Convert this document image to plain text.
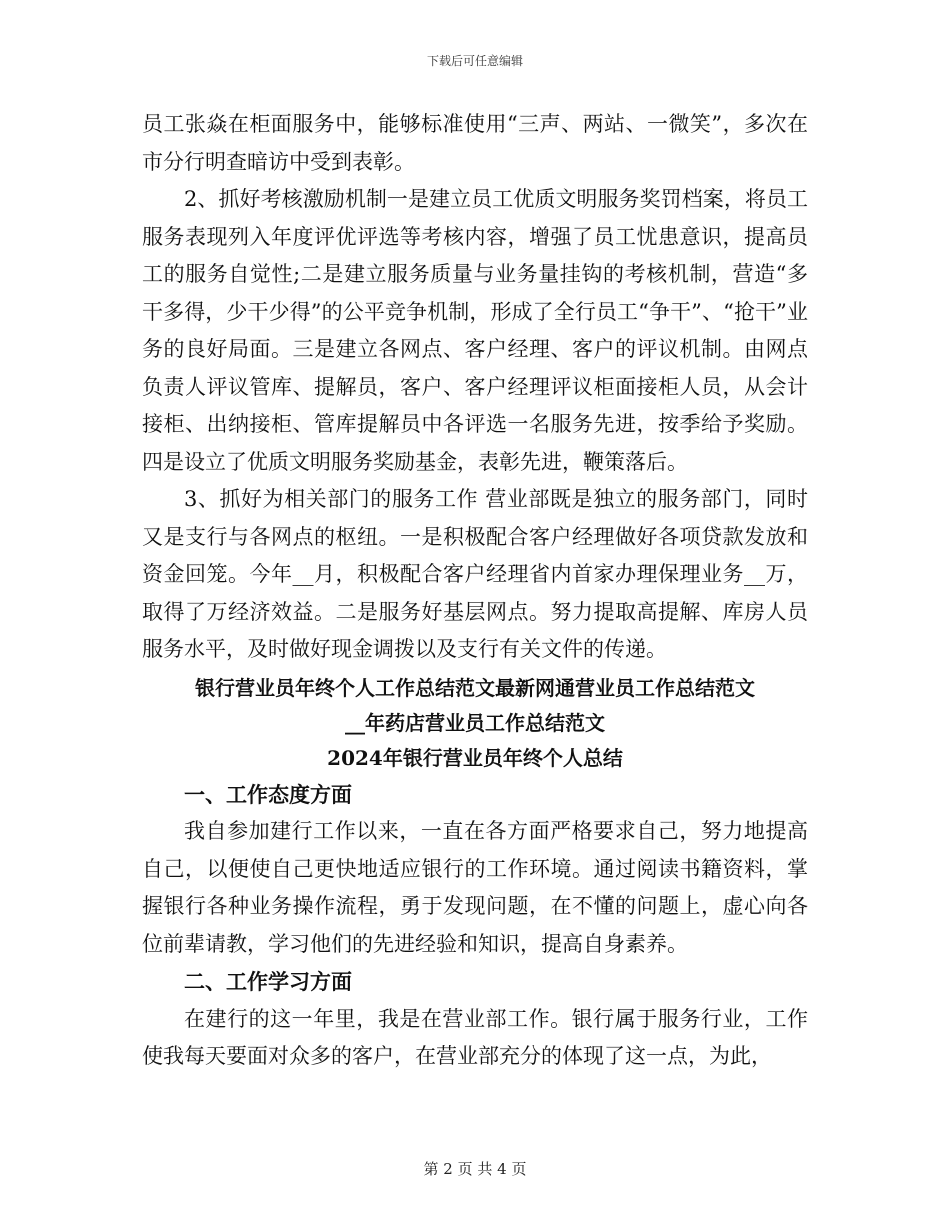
下载后可任意编辑

员工张焱在柜面服务中，能够标准使用“三声、两站、一微笑”，多次在市分行明查暗访中受到表彰。

2、抓好考核激励机制一是建立员工优质文明服务奖罚档案，将员工服务表现列入年度评优评选等考核内容，增强了员工忧患意识，提高员工的服务自觉性;二是建立服务质量与业务量挂钩的考核机制，营造“多干多得，少干少得”的公平竞争机制，形成了全行员工“争干”、“抢干”业务的良好局面。三是建立各网点、客户经理、客户的评议机制。由网点负责人评议管库、提解员，客户、客户经理评议柜面接柜人员，从会计接柜、出纳接柜、管库提解员中各评选一名服务先进，按季给予奖励。四是设立了优质文明服务奖励基金，表彰先进，鞭策落后。

3、抓好为相关部门的服务工作 营业部既是独立的服务部门，同时又是支行与各网点的枢纽。一是积极配合客户经理做好各项贷款发放和资金回笼。今年__月，积极配合客户经理省内首家办理保理业务__万，取得了万经济效益。二是服务好基层网点。努力提取高提解、库房人员服务水平，及时做好现金调拨以及支行有关文件的传递。

银行营业员年终个人工作总结范文最新网通营业员工作总结范文

__年药店营业员工作总结范文

2024年银行营业员年终个人总结

一、工作态度方面

我自参加建行工作以来，一直在各方面严格要求自己，努力地提高自己，以便使自己更快地适应银行的工作环境。通过阅读书籍资料，掌握银行各种业务操作流程，勇于发现问题，在不懂的问题上，虚心向各位前辈请教，学习他们的先进经验和知识，提高自身素养。

二、工作学习方面

在建行的这一年里，我是在营业部工作。银行属于服务行业，工作使我每天要面对众多的客户，在营业部充分的体现了这一点，为此，

第 2 页 共 4 页
